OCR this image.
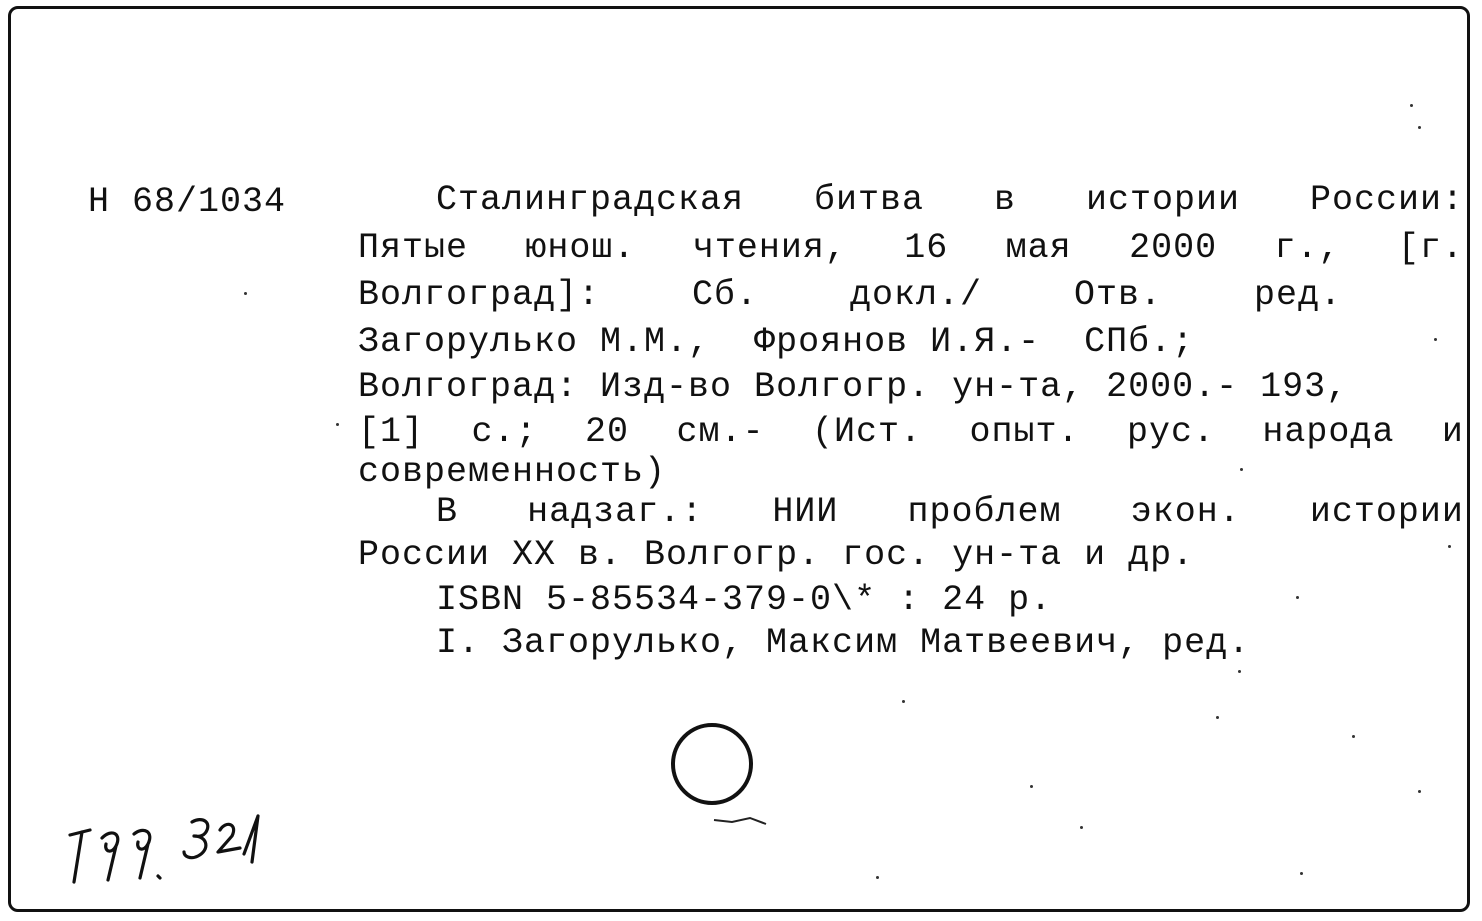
Н 68/1034	Сталинградская битва в истории России:
Пятые юнош. чтения, 16 мая 2000 г., [г.
Волгоград]:	Сб.	докл./	Отв.	ред.
Загорулько М.М.,  Фроянов И.Я.-  СПб.;
Волгоград: Изд-во Волгогр. ун-та, 2000.- 193,
[1] с.; 20 см.- (Ист. опыт. рус. народа и
современность)
В надзаг.: НИИ проблем экон. истории
России XX в. Волгогр. гос. ун-та и др.
ISBN 5-85534-379-0\* : 24 р.
I. Загорулько, Максим Матвеевич, ред.
